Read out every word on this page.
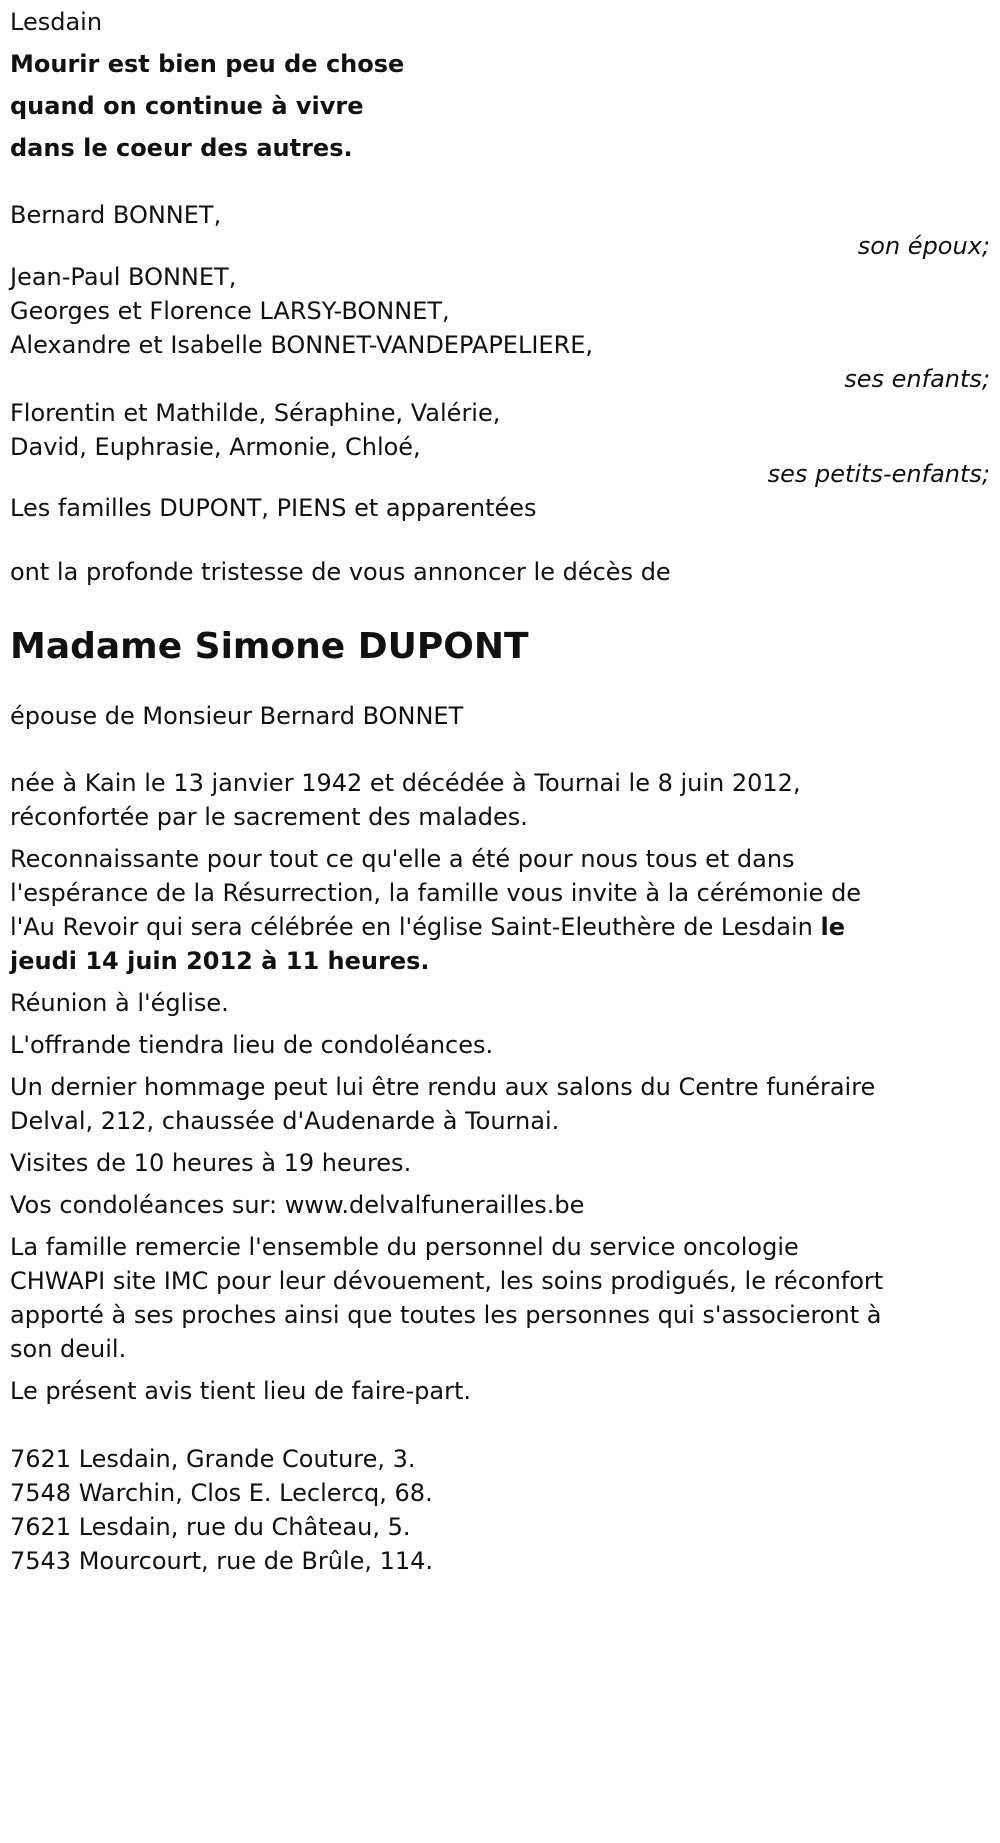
Lesdain

Mourir est bien peu de chose

quand on continue à vivre

dans le coeur des autres.

Bernard BONNET,

son époux;

Jean-Paul BONNET,

Georges et Florence LARSY-BONNET,

Alexandre et Isabelle BONNET-VANDEPAPELIERE,

ses enfants;

Florentin et Mathilde, Séraphine, Valérie,

David, Euphrasie, Armonie, Chloé,

ses petits-enfants;

Les familles DUPONT, PIENS et apparentées

ont la profonde tristesse de vous annoncer le décès de

Madame Simone DUPONT

épouse de Monsieur Bernard BONNET

née à Kain le 13 janvier 1942 et décédée à Tournai le 8 juin 2012,

réconfortée par le sacrement des malades.

Reconnaissante pour tout ce qu'elle a été pour nous tous et dans

l'espérance de la Résurrection, la famille vous invite à la cérémonie de

l'Au Revoir qui sera célébrée en l'église Saint-Eleuthère de Lesdain le

jeudi 14 juin 2012 à 11 heures.

Réunion à l'église.

L'offrande tiendra lieu de condoléances.

Un dernier hommage peut lui être rendu aux salons du Centre funéraire

Delval, 212, chaussée d'Audenarde à Tournai.

Visites de 10 heures à 19 heures.

Vos condoléances sur: www.delvalfunerailles.be

La famille remercie l'ensemble du personnel du service oncologie

CHWAPI site IMC pour leur dévouement, les soins prodigués, le réconfort

apporté à ses proches ainsi que toutes les personnes qui s'associeront à

son deuil.

Le présent avis tient lieu de faire-part.

7621 Lesdain, Grande Couture, 3.

7548 Warchin, Clos E. Leclercq, 68.

7621 Lesdain, rue du Château, 5.

7543 Mourcourt, rue de Brûle, 114.
